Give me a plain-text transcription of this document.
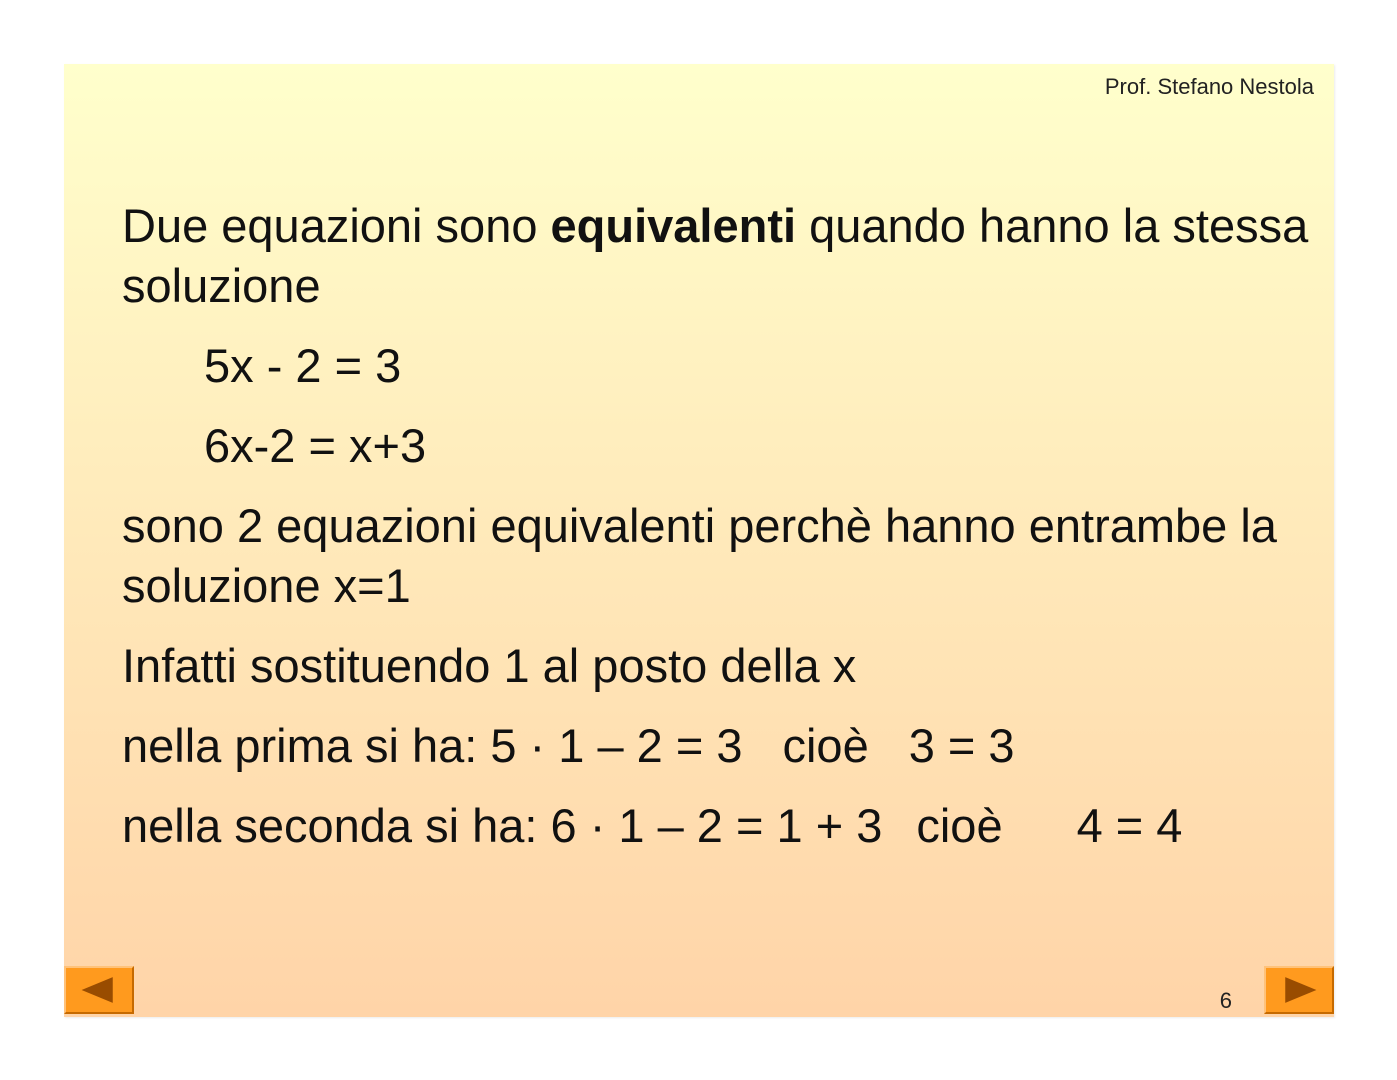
Prof. Stefano Nestola

Due equazioni sono equivalenti quando hanno la stessa soluzione

5x - 2 = 3

6x-2 = x+3

sono 2 equazioni equivalenti perchè hanno entrambe la soluzione x=1

Infatti sostituendo 1 al posto della x

nella prima si ha: 5 · 1 – 2 = 3 cioè 3 = 3

nella seconda si ha: 6 · 1 – 2 = 1 + 3 cioè 4 = 4

6
